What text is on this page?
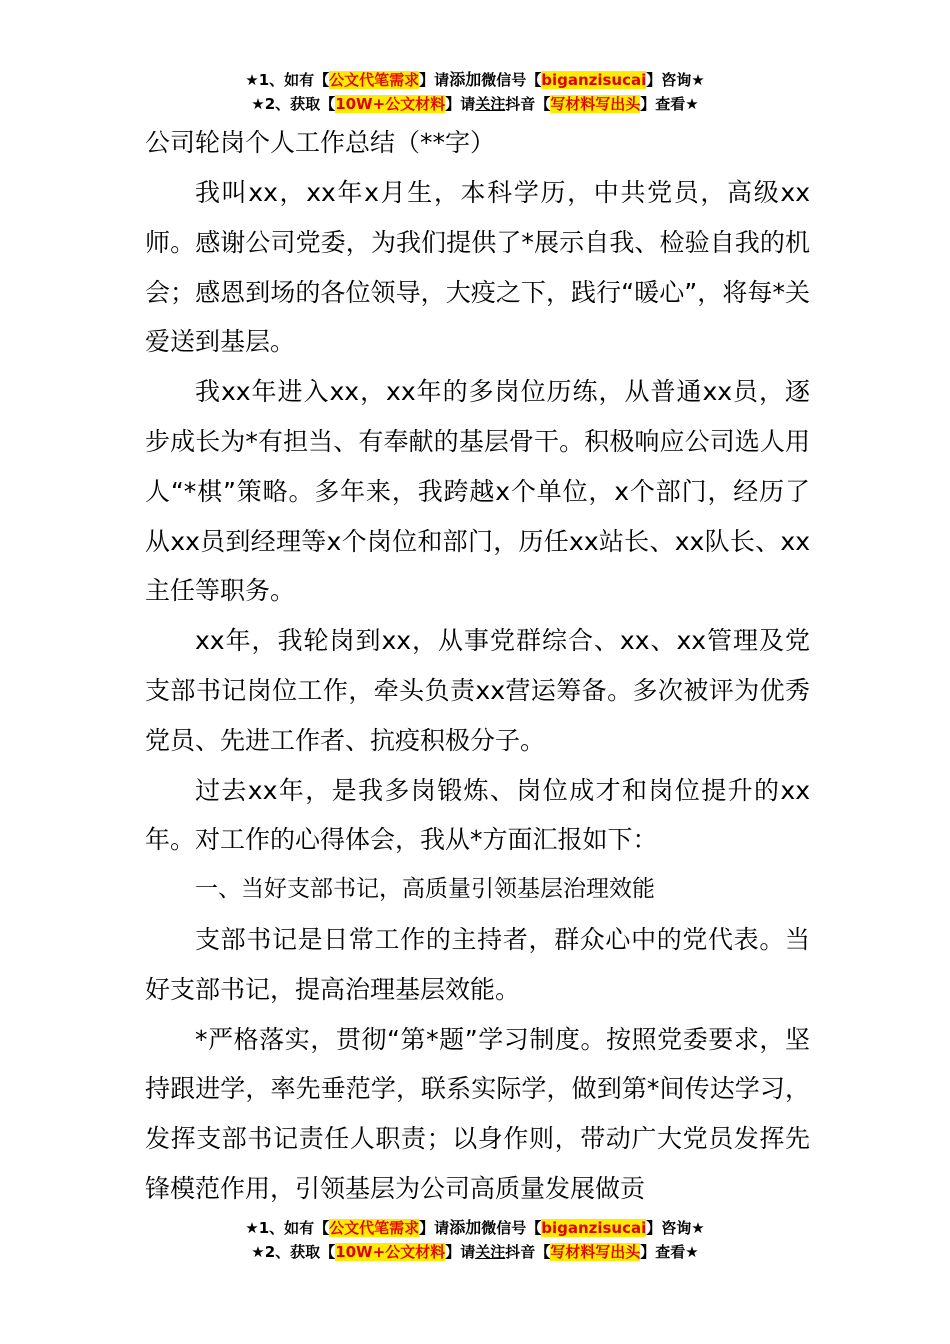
★1、如有【公文代笔需求】请添加微信号【biganzisucai】咨询★
★2、获取【10W+公文材料】请关注抖音【写材料写出头】查看★
公司轮岗个人工作总结（**字）

我叫xx，xx年x月生，本科学历，中共党员，高级xx师。感谢公司党委，为我们提供了*展示自我、检验自我的机会；感恩到场的各位领导，大疫之下，践行“暖心”，将每*关爱送到基层。

我xx年进入xx，xx年的多岗位历练，从普通xx员，逐步成长为*有担当、有奉献的基层骨干。积极响应公司选人用人“*棋”策略。多年来，我跨越x个单位，x个部门，经历了从xx员到经理等x个岗位和部门，历任xx站长、xx队长、xx主任等职务。

xx年，我轮岗到xx，从事党群综合、xx、xx管理及党支部书记岗位工作，牵头负责xx营运筹备。多次被评为优秀党员、先进工作者、抗疫积极分子。

过去xx年，是我多岗锻炼、岗位成才和岗位提升的xx年。对工作的心得体会，我从*方面汇报如下：

一、当好支部书记，高质量引领基层治理效能

支部书记是日常工作的主持者，群众心中的党代表。当好支部书记，提高治理基层效能。

*严格落实，贯彻“第*题”学习制度。按照党委要求，坚持跟进学，率先垂范学，联系实际学，做到第*间传达学习，发挥支部书记责任人职责；以身作则，带动广大党员发挥先锋模范作用，引领基层为公司高质量发展做贡

★1、如有【公文代笔需求】请添加微信号【biganzisucai】咨询★
★2、获取【10W+公文材料】请关注抖音【写材料写出头】查看★
